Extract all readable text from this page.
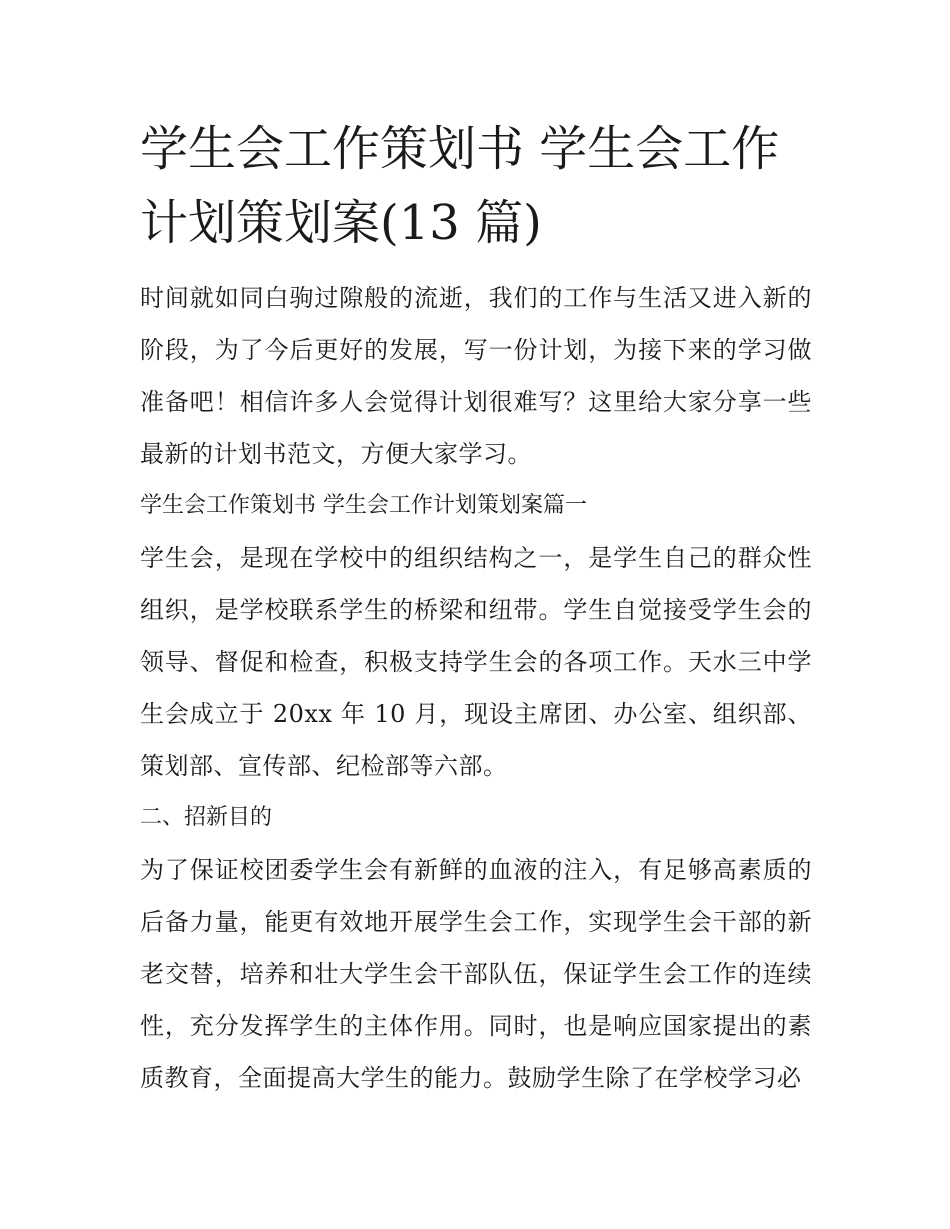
学生会工作策划书 学生会工作计划策划案(13 篇)

时间就如同白驹过隙般的流逝，我们的工作与生活又进入新的阶段，为了今后更好的发展，写一份计划，为接下来的学习做准备吧！相信许多人会觉得计划很难写？这里给大家分享一些最新的计划书范文，方便大家学习。

学生会工作策划书 学生会工作计划策划案篇一

学生会，是现在学校中的组织结构之一，是学生自己的群众性组织，是学校联系学生的桥梁和纽带。学生自觉接受学生会的领导、督促和检查，积极支持学生会的各项工作。天水三中学生会成立于 20xx 年 10 月，现设主席团、办公室、组织部、策划部、宣传部、纪检部等六部。

二、招新目的

为了保证校团委学生会有新鲜的血液的注入，有足够高素质的后备力量，能更有效地开展学生会工作，实现学生会干部的新老交替，培养和壮大学生会干部队伍，保证学生会工作的连续性，充分发挥学生的主体作用。同时，也是响应国家提出的素质教育，全面提高大学生的能力。鼓励学生除了在学校学习必
